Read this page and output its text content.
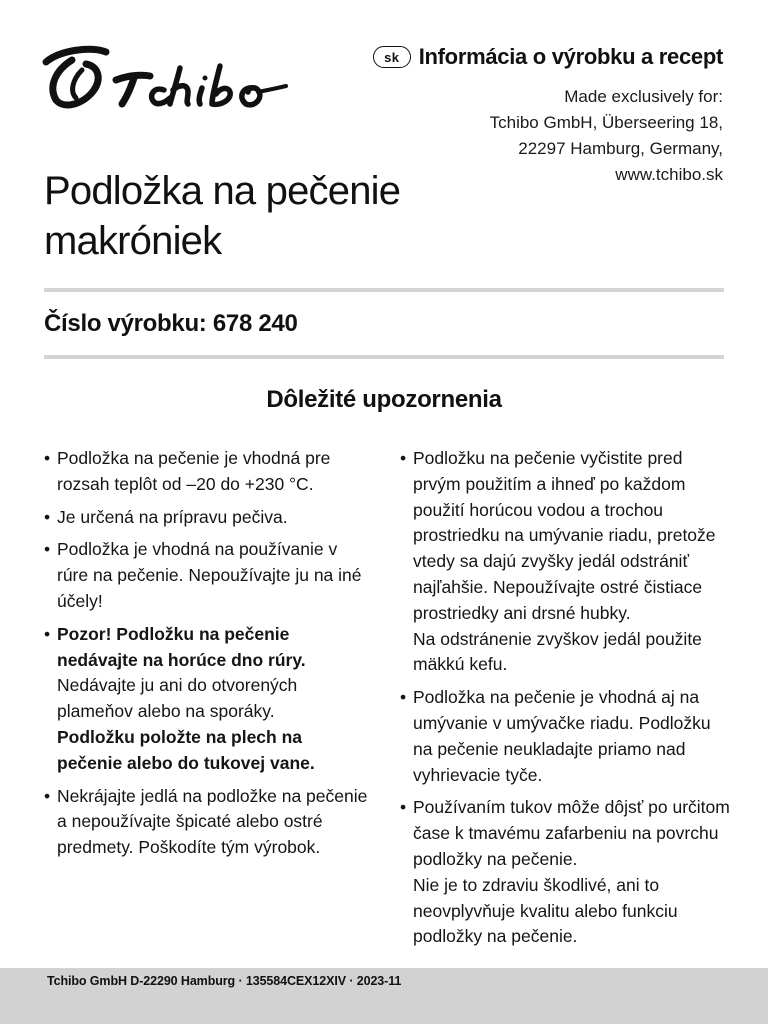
sk Informácia o výrobku a recept
Made exclusively for:
Tchibo GmbH, Überseering 18,
22297 Hamburg, Germany,
www.tchibo.sk
Podložka na pečenie
makróniek
Číslo výrobku: 678 240
Dôležité upozornenia
• Podložka na pečenie je vhodná pre rozsah teplôt od –20 do +230 °C.
• Je určená na prípravu pečiva.
• Podložka je vhodná na používanie v rúre na pečenie. Nepoužívajte ju na iné účely!
• Pozor! Podložku na pečenie nedávajte na horúce dno rúry.
Nedávajte ju ani do otvorených plameňov alebo na sporáky.
Podložku položte na plech na pečenie alebo do tukovej vane.
• Nekrájajte jedlá na podložke na pečenie a nepoužívajte špicaté alebo ostré predmety. Poškodíte tým výrobok.
• Podložku na pečenie vyčistite pred prvým použitím a ihneď po každom použití horúcou vodou a trochou prostriedku na umývanie riadu, pretože vtedy sa dajú zvyšky jedál odstrániť najľahšie. Nepoužívajte ostré čistiace prostriedky ani drsné hubky.
Na odstránenie zvyškov jedál použite mäkkú kefu.
• Podložka na pečenie je vhodná aj na umývanie v umývačke riadu. Podložku na pečenie neukladajte priamo nad vyhrievacie tyče.
• Používaním tukov môže dôjsť po určitom čase k tmavému zafarbeniu na povrchu podložky na pečenie.
Nie je to zdraviu škodlivé, ani to neovplyvňuje kvalitu alebo funkciu podložky na pečenie.
Tchibo GmbH D-22290 Hamburg · 135584CEX12XIV · 2023-11
